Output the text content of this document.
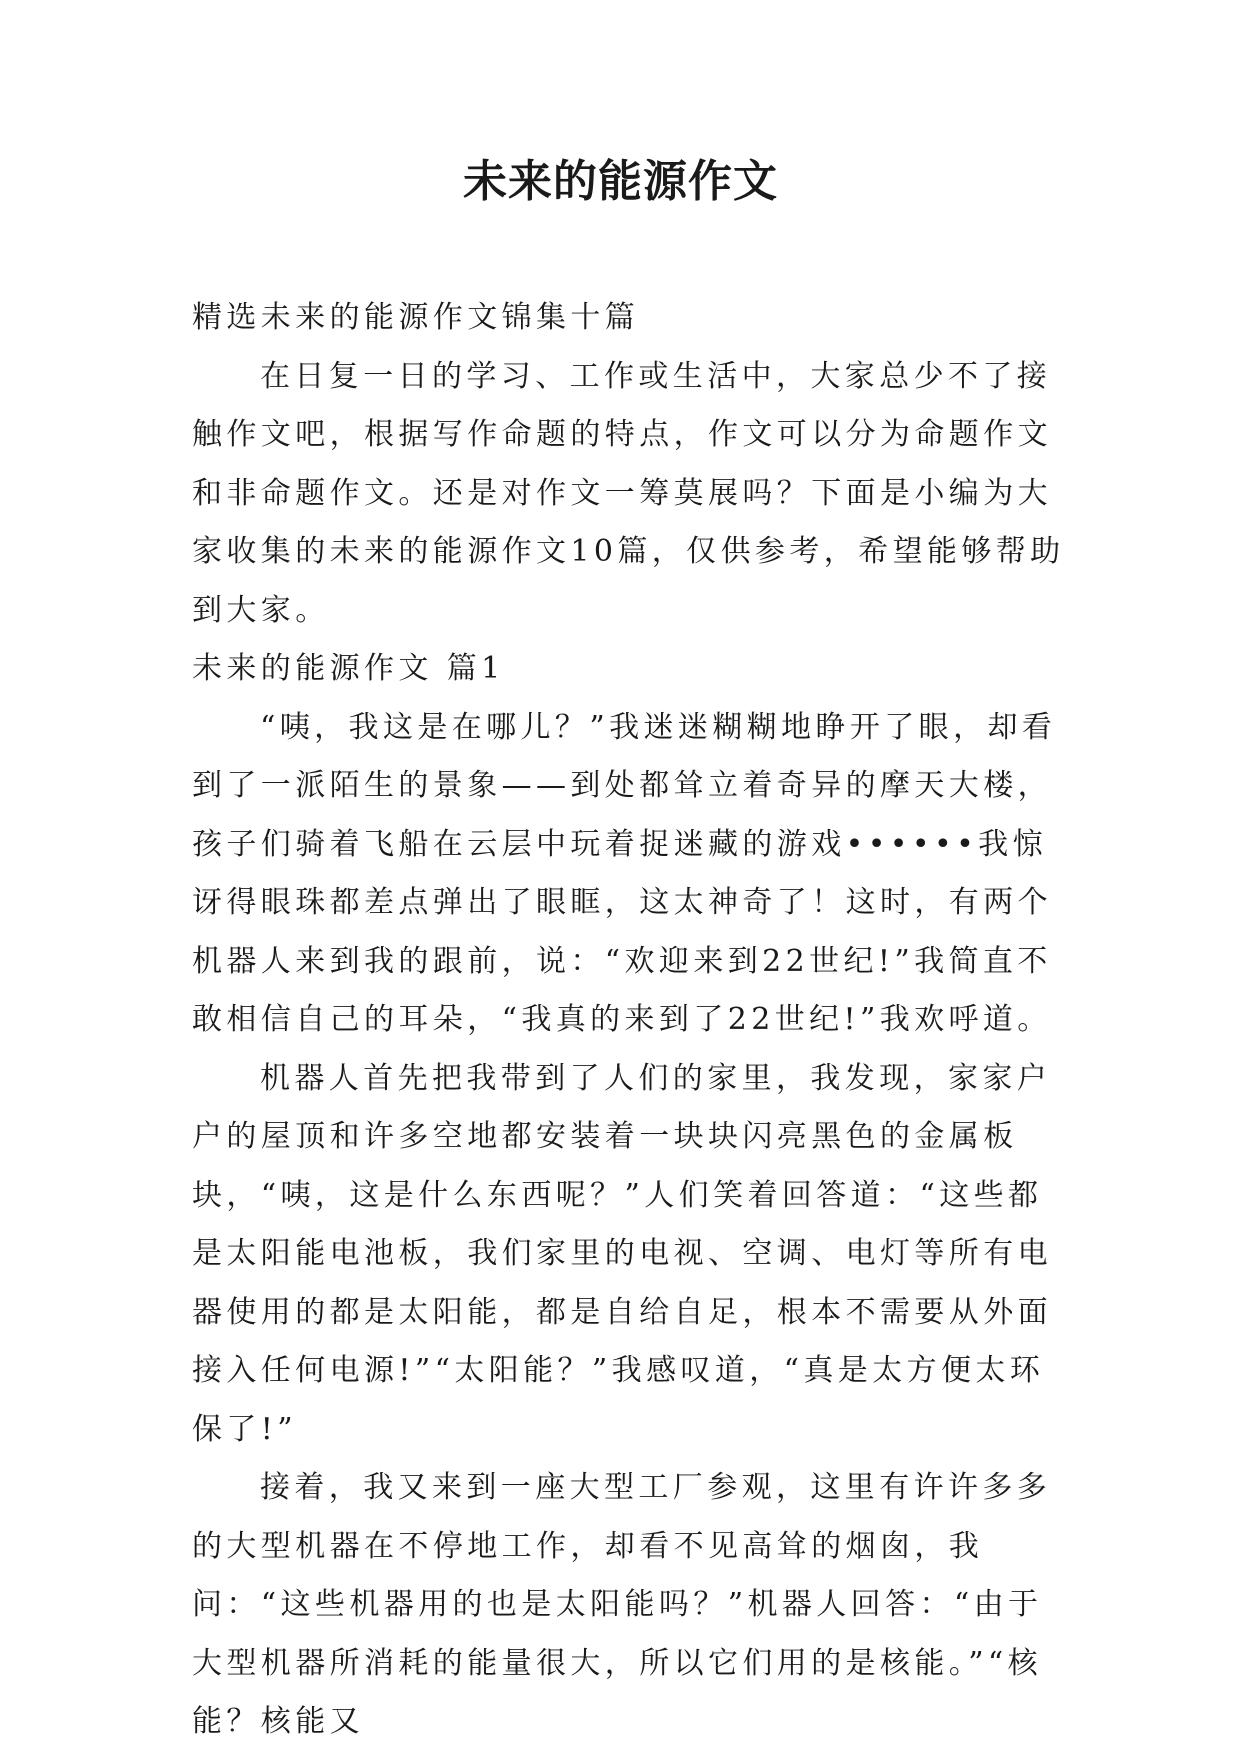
未来的能源作文

精选未来的能源作文锦集十篇

在日复一日的学习、工作或生活中，大家总少不了接触作文吧，根据写作命题的特点，作文可以分为命题作文和非命题作文。还是对作文一筹莫展吗？下面是小编为大家收集的未来的能源作文10篇，仅供参考，希望能够帮助到大家。

未来的能源作文 篇1

“咦，我这是在哪儿？”我迷迷糊糊地睁开了眼，却看到了一派陌生的景象——到处都耸立着奇异的摩天大楼，孩子们骑着飞船在云层中玩着捉迷藏的游戏••••••我惊讶得眼珠都差点弹出了眼眶，这太神奇了！这时，有两个机器人来到我的跟前，说：“欢迎来到22世纪!”我简直不敢相信自己的耳朵，“我真的来到了22世纪!”我欢呼道。

机器人首先把我带到了人们的家里，我发现，家家户户的屋顶和许多空地都安装着一块块闪亮黑色的金属板块，“咦，这是什么东西呢？”人们笑着回答道：“这些都是太阳能电池板，我们家里的电视、空调、电灯等所有电器使用的都是太阳能，都是自给自足，根本不需要从外面接入任何电源!”“太阳能？”我感叹道，“真是太方便太环保了!”

接着，我又来到一座大型工厂参观，这里有许许多多的大型机器在不停地工作，却看不见高耸的烟囱，我问：“这些机器用的也是太阳能吗？”机器人回答：“由于大型机器所消耗的能量很大，所以它们用的是核能。”“核能？核能又
